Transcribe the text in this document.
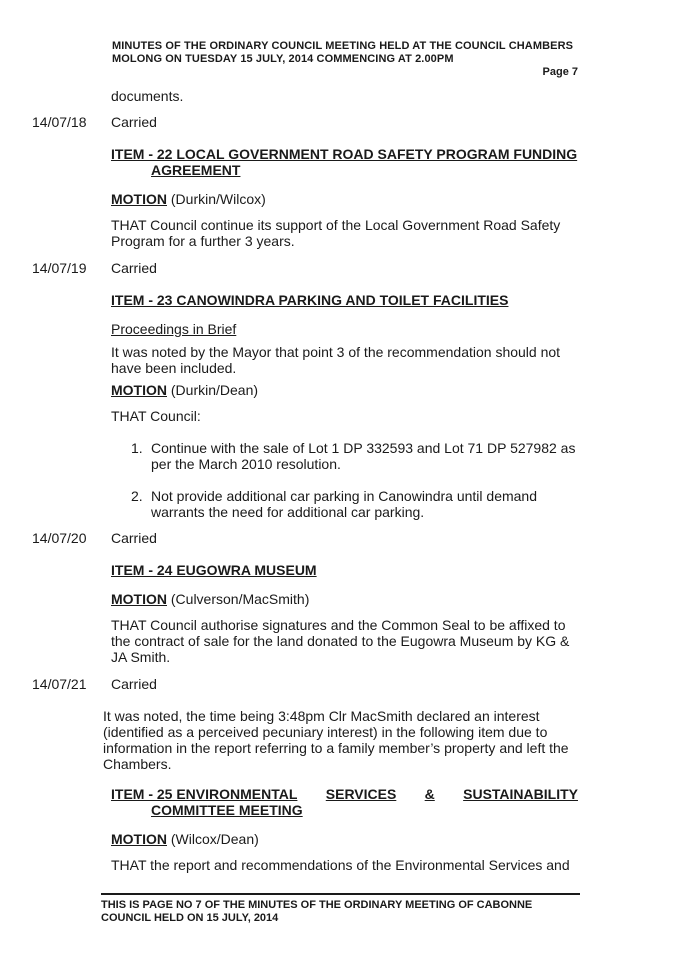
MINUTES OF THE ORDINARY COUNCIL MEETING HELD AT THE COUNCIL CHAMBERS
MOLONG ON TUESDAY 15 JULY, 2014 COMMENCING AT 2.00PM
Page 7
documents.
14/07/18 Carried
ITEM - 22 LOCAL GOVERNMENT ROAD SAFETY PROGRAM FUNDING
AGREEMENT
MOTION (Durkin/Wilcox)
THAT Council continue its support of the Local Government Road Safety
Program for a further 3 years.
14/07/19 Carried
ITEM - 23 CANOWINDRA PARKING AND TOILET FACILITIES
Proceedings in Brief
It was noted by the Mayor that point 3 of the recommendation should not
have been included.
MOTION (Durkin/Dean)
THAT Council:
1. Continue with the sale of Lot 1 DP 332593 and Lot 71 DP 527982 as
per the March 2010 resolution.
2. Not provide additional car parking in Canowindra until demand
warrants the need for additional car parking.
14/07/20 Carried
ITEM - 24 EUGOWRA MUSEUM
MOTION (Culverson/MacSmith)
THAT Council authorise signatures and the Common Seal to be affixed to
the contract of sale for the land donated to the Eugowra Museum by KG &
JA Smith.
14/07/21 Carried
It was noted, the time being 3:48pm Clr MacSmith declared an interest
(identified as a perceived pecuniary interest) in the following item due to
information in the report referring to a family member’s property and left the
Chambers.
ITEM - 25 ENVIRONMENTAL SERVICES & SUSTAINABILITY
COMMITTEE MEETING
MOTION (Wilcox/Dean)
THAT the report and recommendations of the Environmental Services and
THIS IS PAGE NO 7 OF THE MINUTES OF THE ORDINARY MEETING OF CABONNE
COUNCIL HELD ON 15 JULY, 2014
